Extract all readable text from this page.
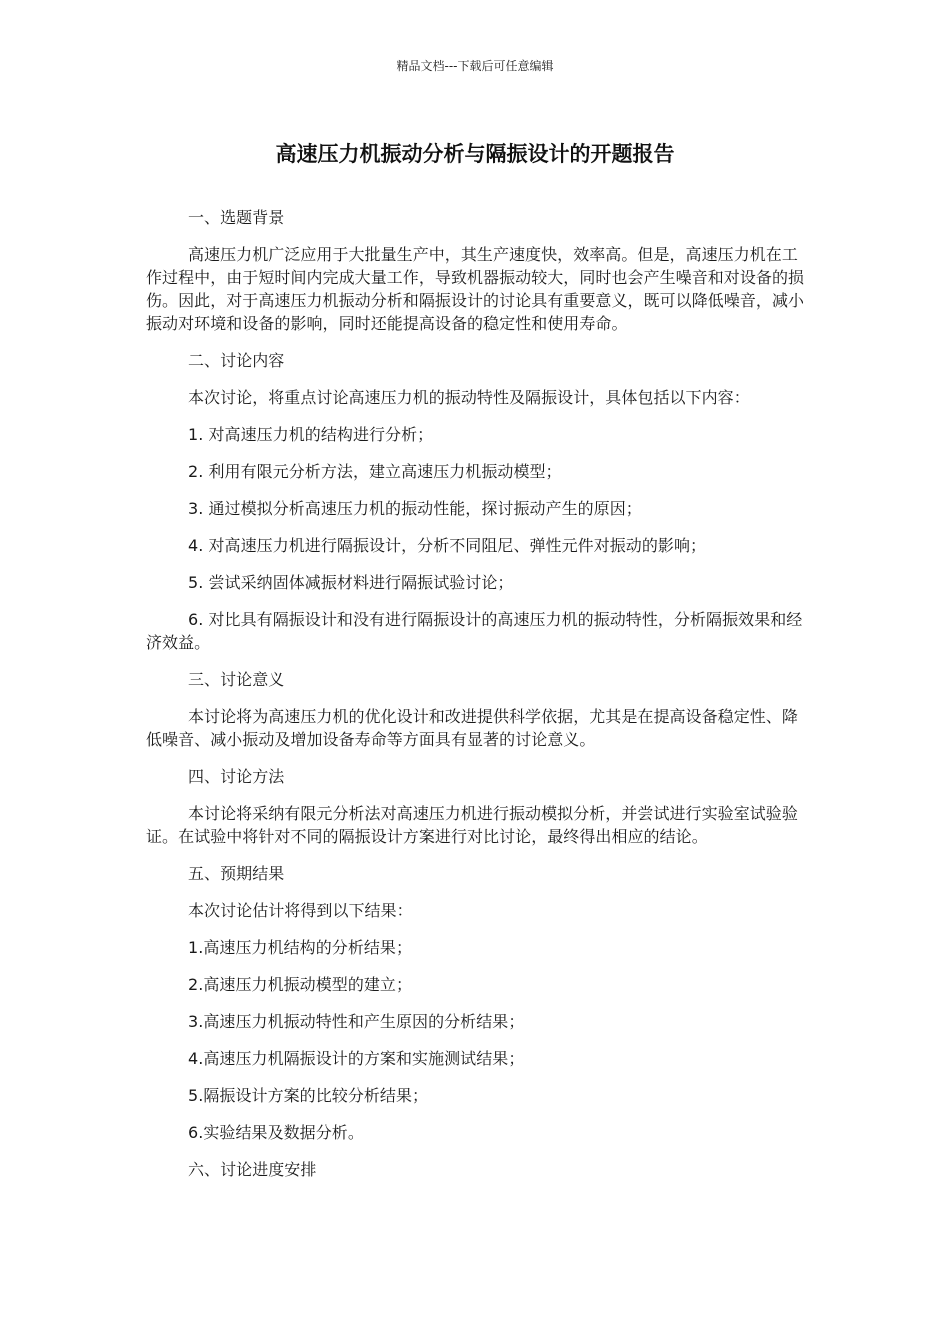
精品文档---下载后可任意编辑
高速压力机振动分析与隔振设计的开题报告

一、选题背景

高速压力机广泛应用于大批量生产中，其生产速度快，效率高。但是，高速压力机在工作过程中，由于短时间内完成大量工作，导致机器振动较大，同时也会产生噪音和对设备的损伤。因此，对于高速压力机振动分析和隔振设计的讨论具有重要意义，既可以降低噪音，减小振动对环境和设备的影响，同时还能提高设备的稳定性和使用寿命。

二、讨论内容

本次讨论，将重点讨论高速压力机的振动特性及隔振设计，具体包括以下内容：

1. 对高速压力机的结构进行分析；

2. 利用有限元分析方法，建立高速压力机振动模型；

3. 通过模拟分析高速压力机的振动性能，探讨振动产生的原因；

4. 对高速压力机进行隔振设计，分析不同阻尼、弹性元件对振动的影响；

5. 尝试采纳固体减振材料进行隔振试验讨论；

6. 对比具有隔振设计和没有进行隔振设计的高速压力机的振动特性，分析隔振效果和经济效益。

三、讨论意义

本讨论将为高速压力机的优化设计和改进提供科学依据，尤其是在提高设备稳定性、降低噪音、减小振动及增加设备寿命等方面具有显著的讨论意义。

四、讨论方法

本讨论将采纳有限元分析法对高速压力机进行振动模拟分析，并尝试进行实验室试验验证。在试验中将针对不同的隔振设计方案进行对比讨论，最终得出相应的结论。

五、预期结果

本次讨论估计将得到以下结果：

1.高速压力机结构的分析结果；

2.高速压力机振动模型的建立；

3.高速压力机振动特性和产生原因的分析结果；

4.高速压力机隔振设计的方案和实施测试结果；

5.隔振设计方案的比较分析结果；

6.实验结果及数据分析。

六、讨论进度安排
